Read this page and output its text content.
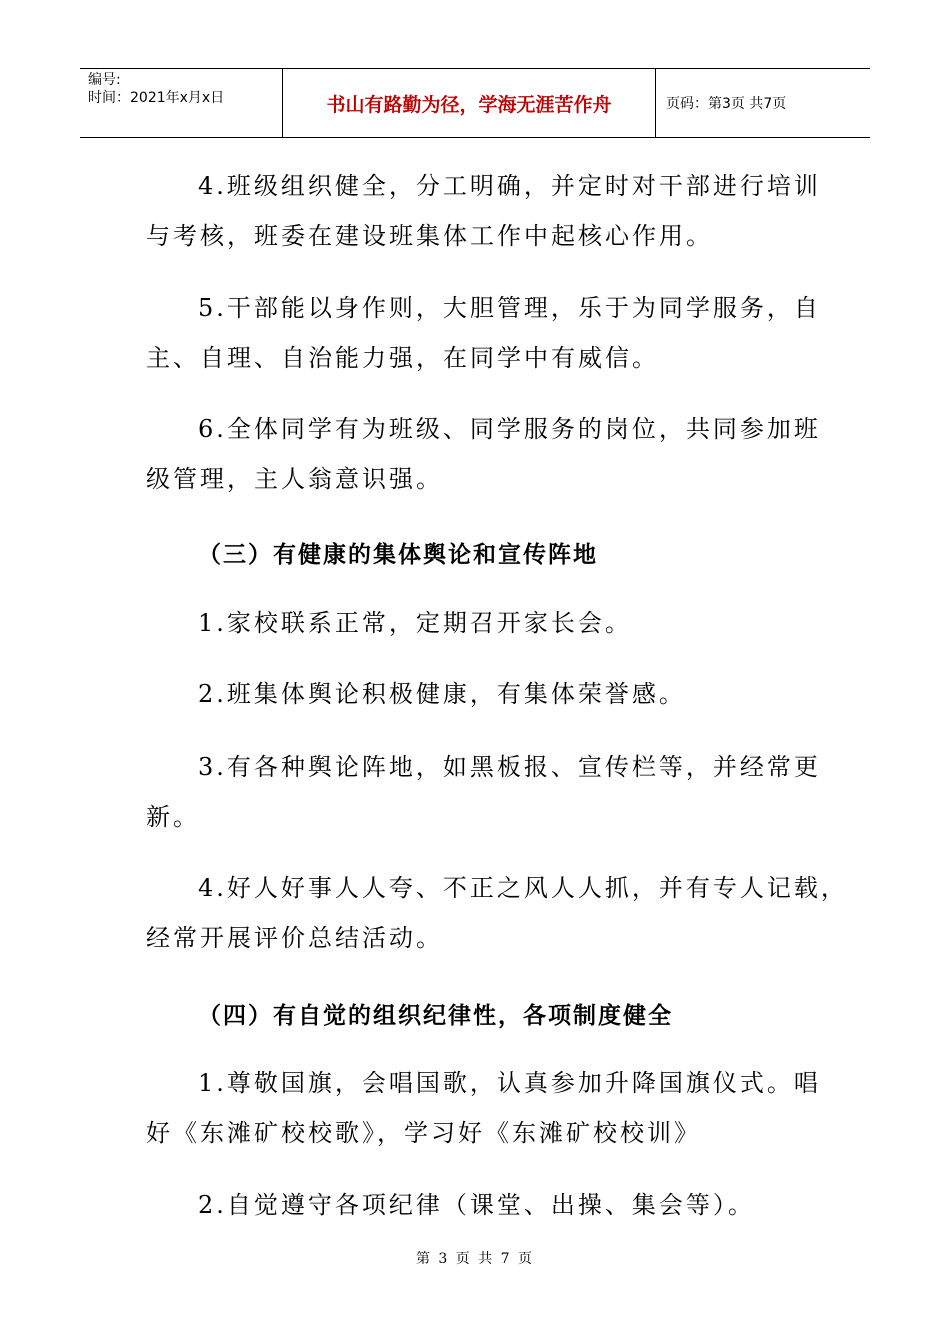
编号:
时间：2021年x月x日	书山有路勤为径，学海无涯苦作舟	页码：第3页 共7页
4.班级组织健全，分工明确，并定时对干部进行培训
与考核，班委在建设班集体工作中起核心作用。
5.干部能以身作则，大胆管理，乐于为同学服务，自
主、自理、自治能力强，在同学中有威信。
6.全体同学有为班级、同学服务的岗位，共同参加班
级管理，主人翁意识强。
（三）有健康的集体舆论和宣传阵地
1.家校联系正常，定期召开家长会。
2.班集体舆论积极健康，有集体荣誉感。
3.有各种舆论阵地，如黑板报、宣传栏等，并经常更
新。
4.好人好事人人夸、不正之风人人抓，并有专人记载，
经常开展评价总结活动。
（四）有自觉的组织纪律性，各项制度健全
1.尊敬国旗，会唱国歌，认真参加升降国旗仪式。唱
好《东滩矿校校歌》，学习好《东滩矿校校训》
2.自觉遵守各项纪律（课堂、出操、集会等）。
第 3 页 共 7 页
